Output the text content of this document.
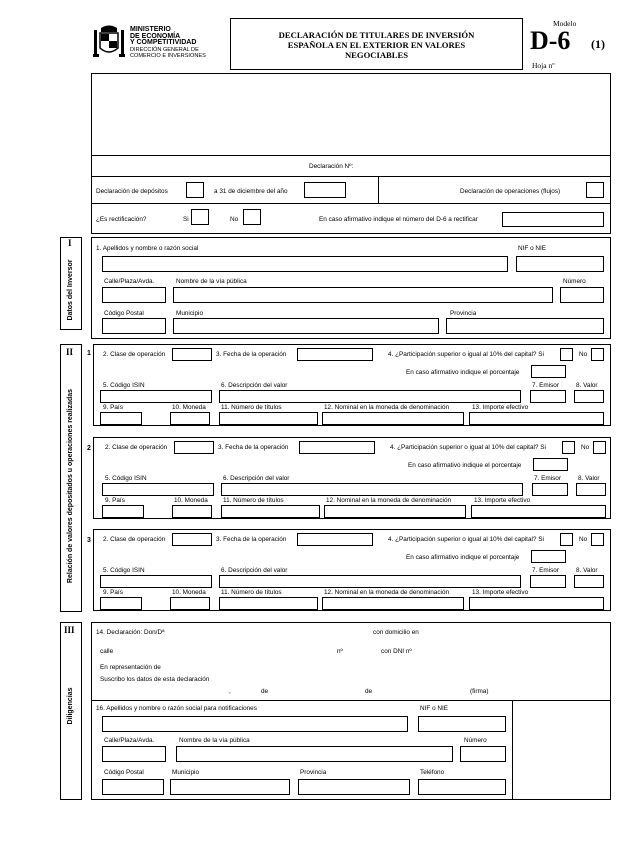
MINISTERIO
DE ECONOMÍA
Y COMPETITIVIDAD
DIRECCIÓN GENERAL DE
COMERCIO E INVERSIONES
DECLARACIÓN DE TITULARES DE INVERSIÓN
ESPAÑOLA EN EL EXTERIOR EN VALORES
NEGOCIABLES
Modelo
D-6 (1)
Hoja nº
Declaración Nº:
Declaración de depósitos	a 31 de diciembre del año	Declaración de operaciones (flujos)
¿Es rectificación?	Si	No	En caso afirmativo indique el número del D-6 a rectificar
I
Datos del Inversor
1. Apellidos y nombre o razón social	NIF o NIE
Calle/Plaza/Avda.	Nombre de la vía pública	Número
Código Postal	Municipio	Provincia
II
Relación de valores depositados u operaciones realizadas
1 2. Clase de operación	3. Fecha de la operación	4. ¿Participación superior o igual al 10% del capital? Si	No
En caso afirmativo indique el porcentaje
5. Código ISIN	6. Descripción del valor	7. Emisor	8. Valor
9. País	10. Moneda 11. Número de títulos	12. Nominal en la moneda de denominación	13. Importe efectivo
2 2. Clase de operación	3. Fecha de la operación	4. ¿Participación superior o igual al 10% del capital? Si	No
En caso afirmativo indique el porcentaje
5. Código ISIN	6. Descripción del valor	7. Emisor	8. Valor
9. País	10. Moneda 11. Número de títulos	12. Nominal en la moneda de denominación	13. Importe efectivo
3 2. Clase de operación	3. Fecha de la operación	4. ¿Participación superior o igual al 10% del capital? Si	No
En caso afirmativo indique el porcentaje
5. Código ISIN	6. Descripción del valor	7. Emisor	8. Valor
9. País	10. Moneda 11. Número de títulos	12. Nominal en la moneda de denominación	13. Importe efectivo
III
Diligencias
14. Declaración: Don/Dª	con domicilio en
calle	nº	con DNI nº
En representación de
Suscribo los datos de esta declaración
,	de	de	(firma)
16. Apellidos y nombre o razón social para notificaciones	NIF o NIE
Calle/Plaza/Avda.	Nombre de la vía pública	Número
Código Postal	Municipio	Provincia	Teléfono
